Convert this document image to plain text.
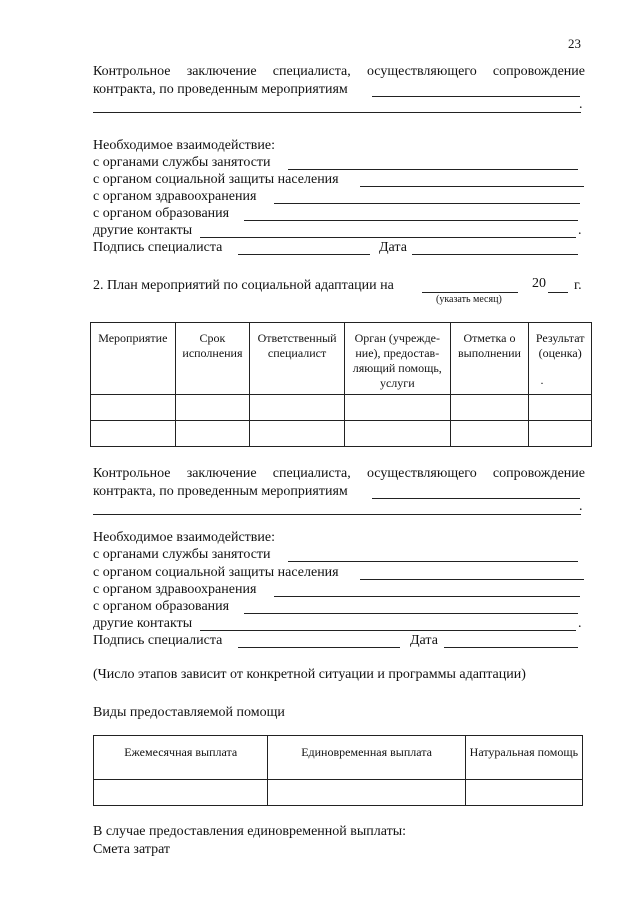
23
Контрольное заключение специалиста, осуществляющего сопровождение
контракта, по проведенным мероприятиям
.
Необходимое взаимодействие:
с органами службы занятости
с органом социальной защиты населения
с органом здравоохранения
с органом образования
другие контакты	.
Подпись специалиста	Дата
2. План мероприятий по социальной адаптации на	20 г.
(указать месяц)
Мероприятие	Срок исполнения	Ответственный специалист	Орган (учрежде-ние), предостав-ляющий помощь, услуги	Отметка о выполнении	Результат (оценка)

·
Контрольное заключение специалиста, осуществляющего сопровождение
контракта, по проведенным мероприятиям
.
Необходимое взаимодействие:
с органами службы занятости
с органом социальной защиты населения
с органом здравоохранения
с органом образования
другие контакты	.
Подпись специалиста	Дата
(Число этапов зависит от конкретной ситуации и программы адаптации)
Виды предоставляемой помощи
Ежемесячная выплата	Единовременная выплата	Натуральная помощь

В случае предоставления единовременной выплаты:
Смета затрат
